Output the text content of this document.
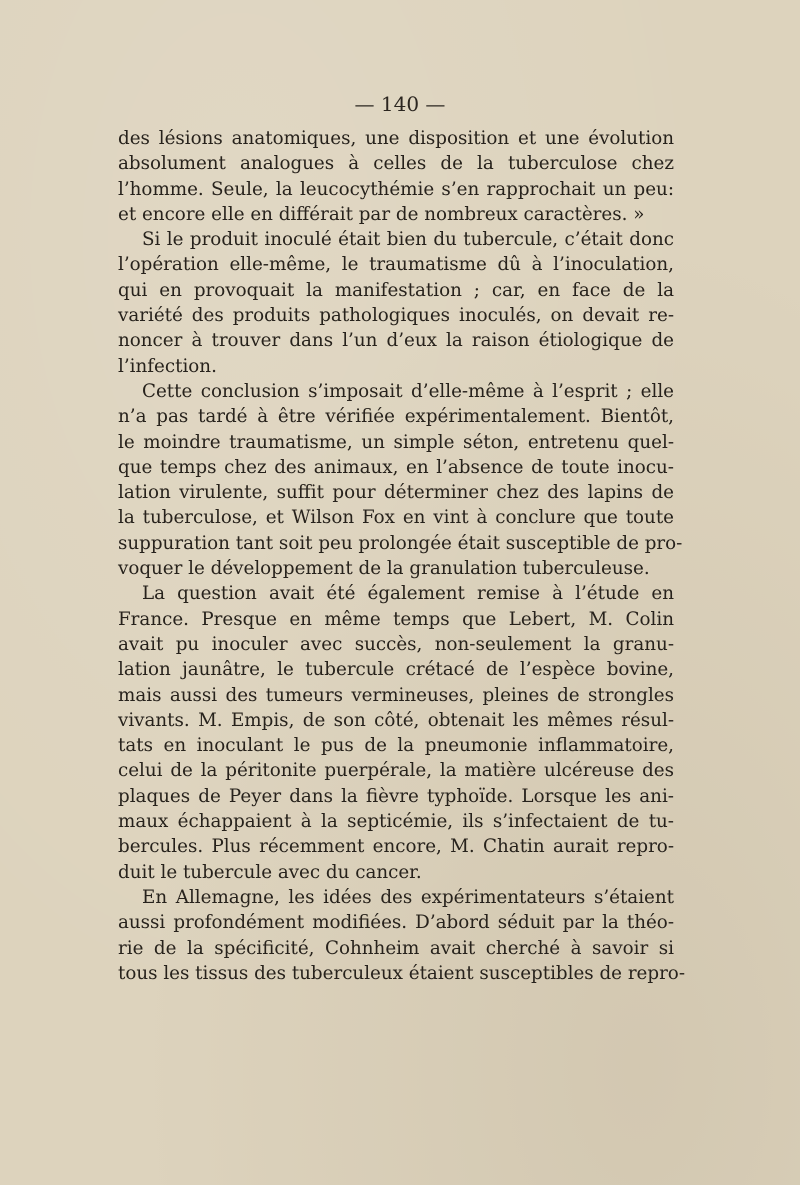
— 140 —
des lésions anatomiques, une disposition et une évolution
absolument analogues à celles de la tuberculose chez
l’homme. Seule, la leucocythémie s’en rapprochait un peu:
et encore elle en différait par de nombreux caractères. »
Si le produit inoculé était bien du tubercule, c’était donc
l’opération elle-même, le traumatisme dû à l’inoculation,
qui en provoquait la manifestation ; car, en face de la
variété des produits pathologiques inoculés, on devait re-
noncer à trouver dans l’un d’eux la raison étiologique de
l’infection.
Cette conclusion s’imposait d’elle-même à l’esprit ; elle
n’a pas tardé à être vérifiée expérimentalement. Bientôt,
le moindre traumatisme, un simple séton, entretenu quel-
que temps chez des animaux, en l’absence de toute inocu-
lation virulente, suffit pour déterminer chez des lapins de
la tuberculose, et Wilson Fox en vint à conclure que toute
suppuration tant soit peu prolongée était susceptible de pro-
voquer le développement de la granulation tuberculeuse.
La question avait été également remise à l’étude en
France. Presque en même temps que Lebert, M. Colin
avait pu inoculer avec succès, non-seulement la granu-
lation jaunâtre, le tubercule crétacé de l’espèce bovine,
mais aussi des tumeurs vermineuses, pleines de strongles
vivants. M. Empis, de son côté, obtenait les mêmes résul-
tats en inoculant le pus de la pneumonie inflammatoire,
celui de la péritonite puerpérale, la matière ulcéreuse des
plaques de Peyer dans la fièvre typhoïde. Lorsque les ani-
maux échappaient à la septicémie, ils s’infectaient de tu-
bercules. Plus récemment encore, M. Chatin aurait repro-
duit le tubercule avec du cancer.
En Allemagne, les idées des expérimentateurs s’étaient
aussi profondément modifiées. D’abord séduit par la théo-
rie de la spécificité, Cohnheim avait cherché à savoir si
tous les tissus des tuberculeux étaient susceptibles de repro-
